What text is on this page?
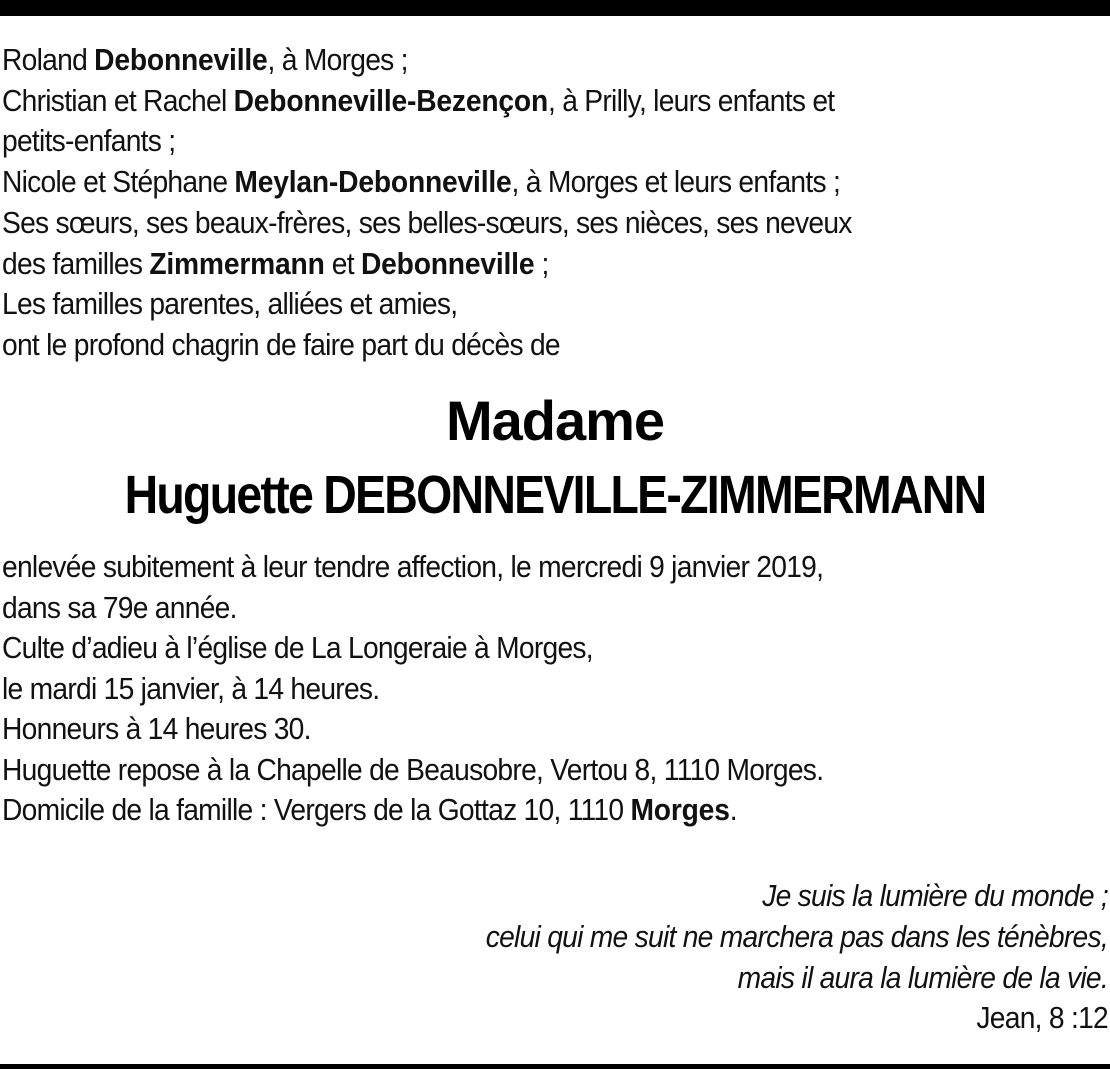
Roland Debonneville, à Morges ;
Christian et Rachel Debonneville-Bezençon, à Prilly, leurs enfants et
petits-enfants ;
Nicole et Stéphane Meylan-Debonneville, à Morges et leurs enfants ;
Ses sœurs, ses beaux-frères, ses belles-sœurs, ses nièces, ses neveux
des familles Zimmermann et Debonneville ;
Les familles parentes, alliées et amies,
ont le profond chagrin de faire part du décès de
Madame
Huguette DEBONNEVILLE-ZIMMERMANN
enlevée subitement à leur tendre affection, le mercredi 9 janvier 2019,
dans sa 79e année.
Culte d’adieu à l’église de La Longeraie à Morges,
le mardi 15 janvier, à 14 heures.
Honneurs à 14 heures 30.
Huguette repose à la Chapelle de Beausobre, Vertou 8, 1110 Morges.
Domicile de la famille : Vergers de la Gottaz 10, 1110 Morges.
Je suis la lumière du monde ;
celui qui me suit ne marchera pas dans les ténèbres,
mais il aura la lumière de la vie.
Jean, 8 :12
